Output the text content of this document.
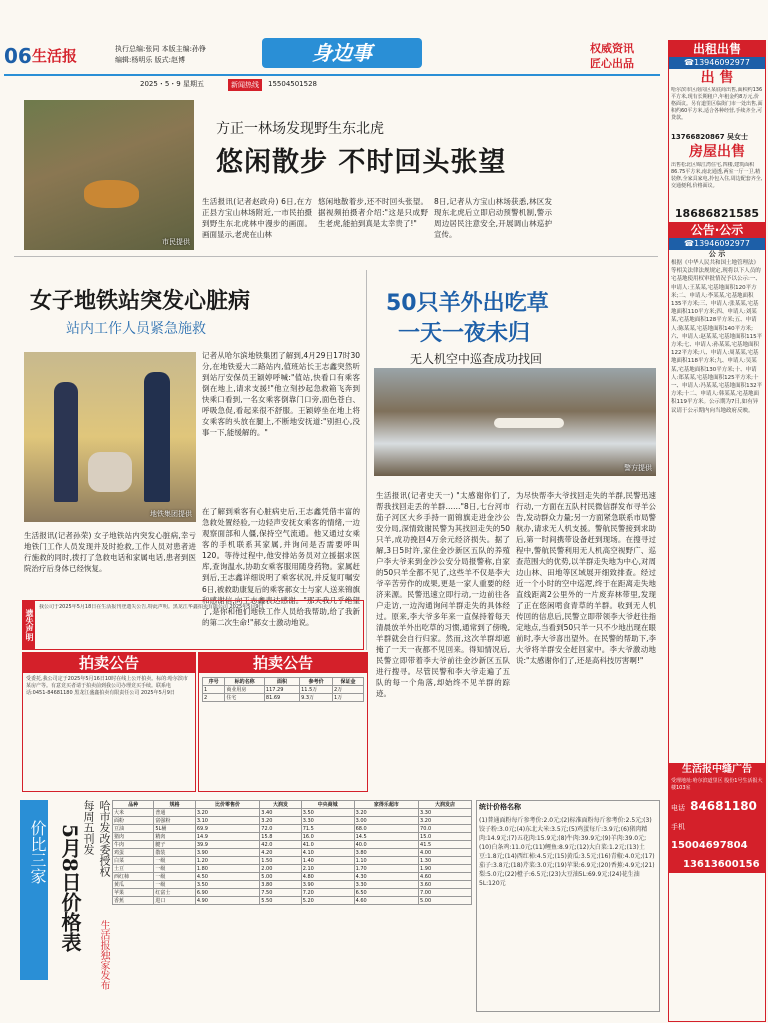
06 生活报	执行总编:张同 本版主编:孙铮
编辑:杨明乐 版式:赵博	身边事	权威资讯
匠心出品
2025・5・9 星期五	新闻热线	15504501528
市民提供
方正一林场发现野生东北虎
悠闲散步 不时回头张望
生活报讯(记者赵政舟) 6日,在方正县方宝山林场附近,一市民拍摄到野生东北虎林中漫步的画面。画面显示,老虎在山林
悠闲地散着步,还不时回头张望。据视频拍摄者介绍:"这是只成野生老虎,能拍到真是太幸贵了!"
8日,记者从方宝山林场获悉,林区发现东北虎后立即启动预警机制,警示周边居民注意安全,开展调山林巡护宣传。
女子地铁站突发心脏病
站内工作人员紧急施救
地铁集团提供
生活报讯(记者孙荣) 女子地铁站内突发心脏病,幸亏地铁门工作人员发现并及时抢救,工作人员对患者进行施救的同时,拨打了急救电话和家属电话,患者到医院治疗后身体已经恢复。
记者从哈尔滨地铁集团了解到,4月29日17时30分,在地铁爱大二路站内,值班站长王志鑫突然听到站厅安保员王颖婷呼喊:"值站,快看口有乘客倒在地上,请求支援!"他立刻抄起急救箱飞奔到快乘口看到,一名女乘客倒靠门口旁,面色苍白、呼吸急促,看起来很不舒服。王颖婷坐在地上将女乘客的头放在腿上,不断地安抚道:"别担心,没事一下,能缓解的。"
在了解到乘客有心脏病史后,王志鑫凭借丰富的急救处置经验,一边轻声安抚女乘客的情绪,一边观察面部和人僵,保持空气流通。他又通过女乘客的手机联系其家属,并询问是否需要呼叫120。等待过程中,他安排站务员对立援据求医库,查询温水,协助女乘客服用随身药物。家属赶到后,王志鑫详细说明了乘客状况,并反复叮嘱安
6日,被救助康复后的乘客郝女士与家人送来锦旗和感谢信,向王志鑫表达感谢。"那天我几乎绝望了,是你和他们地铁工作人员给我帮助,给了我新的第二次生命!"郝女士激动地说。
50只羊外出吃草
一天一夜未归
无人机空中巡查成功找回
警方提供
生活报讯(记者史天一) "太感谢你们了,帮我找回走丢的羊群……"8日,七台河市茄子河区大乡手持一面锦旗走进金沙公安分局,深情致谢民警为其找回走失的50只羊,成功挽回4万余元经济损失。据了解,3日5时许,家住金沙新区五队的养殖户李大爷来到金沙公安分局报警称,自家的50只羊全都不见了,这些羊不仅是李大爷辛苦劳作的成果,更是一家人重要的经济来源。民警迅速立即行动,一边前往各户走访,一边沟通询问羊群走失的具体经过。原来,李大爷多年来一直保持着每天清晨放羊外出吃草的习惯,通常到了傍晚,羊群就会自行归家。然而,这次羊群却遮掩了一天一夜都不见回来。得知情况后,民警立即带着李大爷前往金沙新区五队进行搜寻。尽管民警和李大爷走遍了五队的每一个角落,却始终不见羊群的踪迹。
为尽快帮李大爷找回走失的羊群,民警迅速行动,一方面在五队村民微信群发布寻羊公告,发动群众力量;另一方面紧急联系市局警航办,请求无人机支援。警航民警接到求助后,第一时间携带设备赶到现场。在搜寻过程中,警航民警利用无人机高空视野广、巡查范围大的优势,以羊群走失地为中心,对周边山林、田地等区域展开细致排查。经过近一个小时的空中巡逻,终于在距离走失地直线距离2公里外的一片废弃林带里,发现了正在悠闲啃食青草的羊群。收到无人机传回的信息后,民警立即带领李大爷赶往指定地点,当看到50只羊一只不少地出现在眼前时,李大爷喜出望外。在民警的帮助下,李大爷将羊群安全赶回家中。李大爷激动地说:"太感谢你们了,还是高科技厉害啊!"
遗失声明
我公司于2025年5月18日在生活报刊登遗失公告,特此声明。黑龙江华鑫拍卖有限公司 2025年5月9日
拍卖公告
受委托,我公司定于2025年5月16日10时在线上公开拍卖。标的:哈尔滨市某房产等。有意竞买者请于拍卖前到我公司办理竞买手续。联系电话:0451-84681180 黑龙江盛鑫拍卖有限责任公司 2025年5月9日
拍卖公告
序号	标的名称	面积	参考价	保证金
1	商业用房	117.29	11.5万	2万
2	住宅	81.69	9.3万	1万
价比三家	哈市发改委授权
每周五刊发
生活报独家发布
5月8日价格表
品种	规格	比价零售价	大润发	中央商城	家得乐超市	大润发店
大米	普通	3.20	3.40	3.50	3.20	3.30
面粉	富强粉	3.10	3.20	3.30	3.00	3.20
豆油	5L桶	69.9	72.0	71.5	68.0	70.0
猪肉	精肉	14.9	15.8	16.0	14.5	15.0
牛肉	腱子	39.9	42.0	41.0	40.0	41.5
鸡蛋	散装	3.90	4.20	4.10	3.80	4.00
白菜	一级	1.20	1.50	1.40	1.10	1.30
土豆	一级	1.80	2.00	2.10	1.70	1.90
西红柿	一级	4.50	5.00	4.80	4.30	4.60
黄瓜	一级	3.50	3.80	3.90	3.30	3.60
苹果	红富士	6.90	7.50	7.20	6.50	7.00
香蕉	进口	4.90	5.50	5.20	4.60	5.00
统计价格名称
(1)普通面粉每斤参考价:2.0元;(2)标准面粉每斤参考价:2.5元;(3)饺子粉:3.0元;(4)东北大米:3.5元;(5)鸡蛋每斤:3.9元;(6)猪肉精肉:14.9元;(7)五花肉:15.9元;(8)牛肉:39.9元;(9)羊肉:39.0元;(10)白条鸡:11.0元;(11)鲤鱼:8.9元;(12)大白菜:1.2元;(13)土豆:1.8元;(14)西红柿:4.5元;(15)黄瓜:3.5元;(16)青椒:4.0元;(17)茄子:3.8元;(18)芹菜:3.0元;(19)苹果:6.9元;(20)香蕉:4.9元;(21)梨:5.0元;(22)橙子:6.5元;(23)大豆油5L:69.9元;(24)花生油5L:120元
出租出售
☎13946092977
出 售
哈尔滨市区南岗区某底商出售,面积约136平方米,现有长期租户,年租金约8万元,价格面议。另有道里区临街门市一处出售,面积约60平方米,适合各种经营,手续齐全,可贷款。
13766820867 吴女士
房屋出售
出售松北区锦江湾住宅,四楼,建筑面积86.75平方米,南北通透,两室一厅一卫,精装修,全家具家电,拎包入住,周边配套齐全,交通便利,价格面议。
18686821585
公告·公示
☎13946092977
公 示
根据《中华人民共和国土地管理法》等相关法律法规规定,现将以下人员的宅基地使用权审批情况予以公示:一、申请人:王某某,宅基地面积120平方米;二、申请人:李某某,宅基地面积135平方米;三、申请人:张某某,宅基地面积110平方米;四、申请人:刘某某,宅基地面积128平方米;五、申请人:陈某某,宅基地面积140平方米;六、申请人:赵某某,宅基地面积115平方米;七、申请人:孙某某,宅基地面积122平方米;八、申请人:周某某,宅基地面积118平方米;九、申请人:吴某某,宅基地面积130平方米;十、申请人:郑某某,宅基地面积125平方米;十一、申请人:冯某某,宅基地面积132平方米;十二、申请人:韩某某,宅基地面积119平方米。公示期为7日,如有异议请于公示期内向当地政府反映。
生活报中缝广告
受理地址:哈尔滨道里区 股份1号生活报大楼103室
电话 84681180
手机 15004697804
13613600156
